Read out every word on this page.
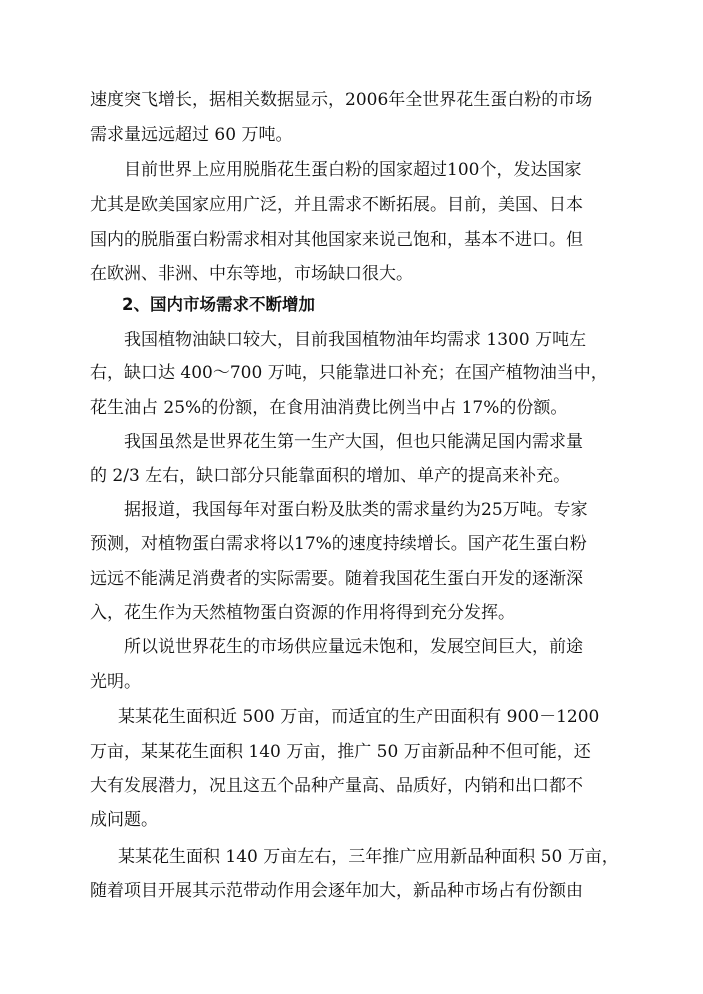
速度突飞增长，据相关数据显示，2006年全世界花生蛋白粉的市场
需求量远远超过 60 万吨。
目前世界上应用脱脂花生蛋白粉的国家超过100个，发达国家
尤其是欧美国家应用广泛，并且需求不断拓展。目前，美国、日本
国内的脱脂蛋白粉需求相对其他国家来说己饱和，基本不进口。但
在欧洲、非洲、中东等地，市场缺口很大。
2、国内市场需求不断增加
我国植物油缺口较大，目前我国植物油年均需求 1300 万吨左
右，缺口达 400～700 万吨，只能靠进口补充；在国产植物油当中，
花生油占 25%的份额，在食用油消费比例当中占 17%的份额。
我国虽然是世界花生第一生产大国，但也只能满足国内需求量
的 2/3 左右，缺口部分只能靠面积的增加、单产的提高来补充。
据报道，我国每年对蛋白粉及肽类的需求量约为25万吨。专家
预测，对植物蛋白需求将以17%的速度持续增长。国产花生蛋白粉
远远不能满足消费者的实际需要。随着我国花生蛋白开发的逐渐深
入，花生作为天然植物蛋白资源的作用将得到充分发挥。
所以说世界花生的市场供应量远未饱和，发展空间巨大，前途
光明。
某某花生面积近 500 万亩，而适宜的生产田面积有 900－1200
万亩，某某花生面积 140 万亩，推广 50 万亩新品种不但可能，还
大有发展潜力，况且这五个品种产量高、品质好，内销和出口都不
成问题。
某某花生面积 140 万亩左右，三年推广应用新品种面积 50 万亩，
随着项目开展其示范带动作用会逐年加大，新品种市场占有份额由
